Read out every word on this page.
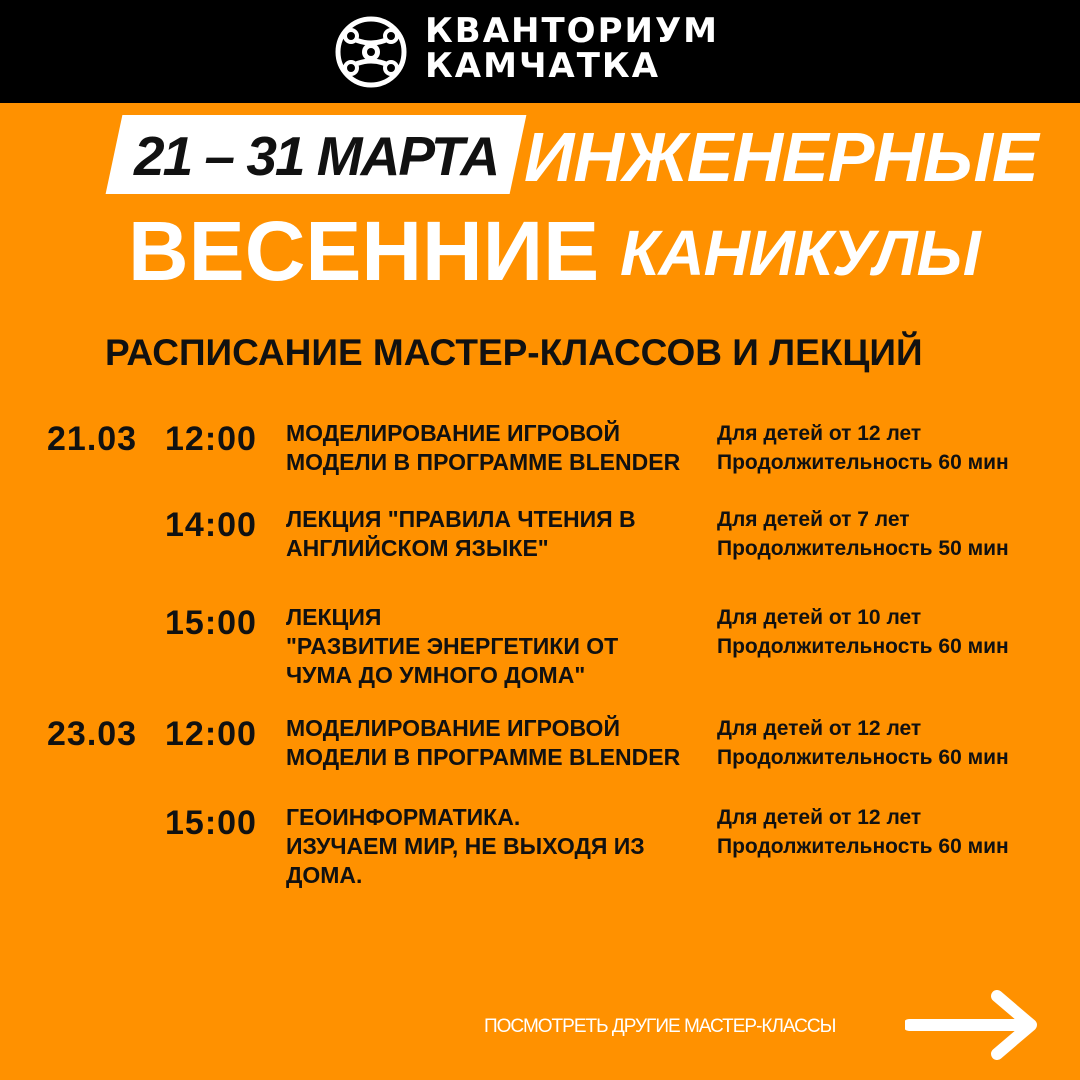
КВАНТОРИУМ
КАМЧАТКА
21 – 31 МАРТА ИНЖЕНЕРНЫЕ
ВЕСЕННИЕ КАНИКУЛЫ
РАСПИСАНИЕ МАСТЕР-КЛАССОВ И ЛЕКЦИЙ
21.03 12:00 МОДЕЛИРОВАНИЕ ИГРОВОЙ
МОДЕЛИ В ПРОГРАММЕ BLENDER
Для детей от 12 лет
Продолжительность 60 мин
14:00 ЛЕКЦИЯ "ПРАВИЛА ЧТЕНИЯ В
АНГЛИЙСКОМ ЯЗЫКЕ"
Для детей от 7 лет
Продолжительность 50 мин
15:00 ЛЕКЦИЯ
"РАЗВИТИЕ ЭНЕРГЕТИКИ ОТ
ЧУМА ДО УМНОГО ДОМА"
Для детей от 10 лет
Продолжительность 60 мин
23.03 12:00 МОДЕЛИРОВАНИЕ ИГРОВОЙ
МОДЕЛИ В ПРОГРАММЕ BLENDER
Для детей от 12 лет
Продолжительность 60 мин
15:00 ГЕОИНФОРМАТИКА.
ИЗУЧАЕМ МИР, НЕ ВЫХОДЯ ИЗ
ДОМА.
Для детей от 12 лет
Продолжительность 60 мин
ПОСМОТРЕТЬ ДРУГИЕ МАСТЕР-КЛАССЫ
